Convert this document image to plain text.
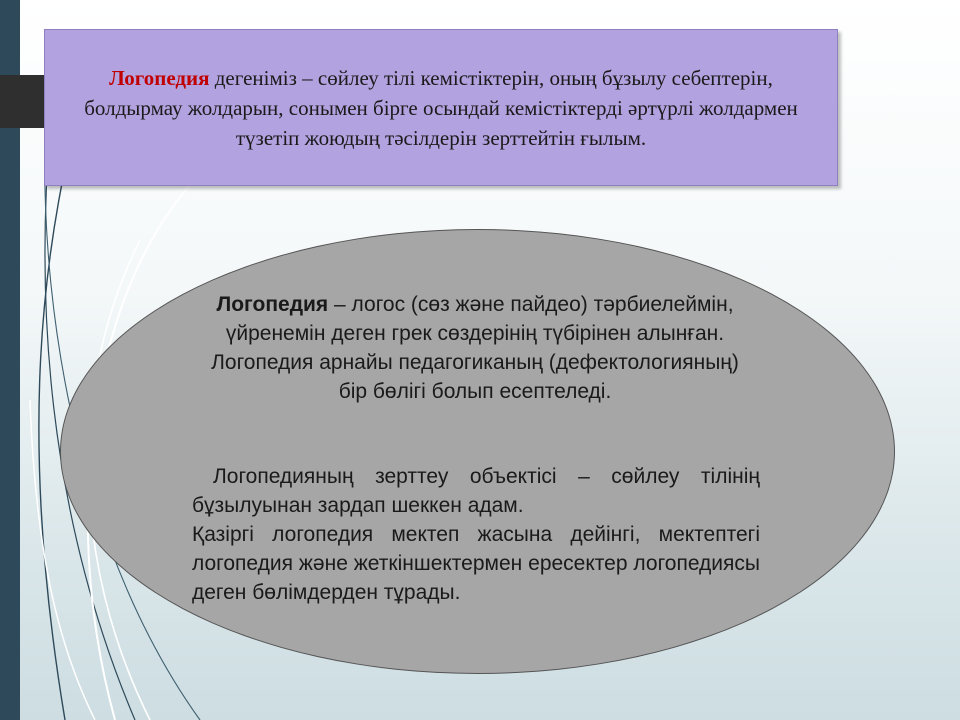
Логопедия дегеніміз – сөйлеу тілі кемістіктерін, оның бұзылу себептерін, болдырмау жолдарын, сонымен бірге осындай кемістіктерді әртүрлі жолдармен түзетіп жоюдың тәсілдерін зерттейтін ғылым.

Логопедия – логос (сөз және пайдео) тәрбиелеймін, үйренемін деген грек сөздерінің түбірінен алынған. Логопедия арнайы педагогиканың (дефектологияның) бір бөлігі болып есептеледі.

 Логопедияның зерттеу объектісі – сөйлеу тілінің бұзылуынан зардап шеккен адам.
Қазіргі логопедия мектеп жасына дейінгі, мектептегі логопедия және жеткіншектермен ересектер логопедиясы деген бөлімдерден тұрады.
